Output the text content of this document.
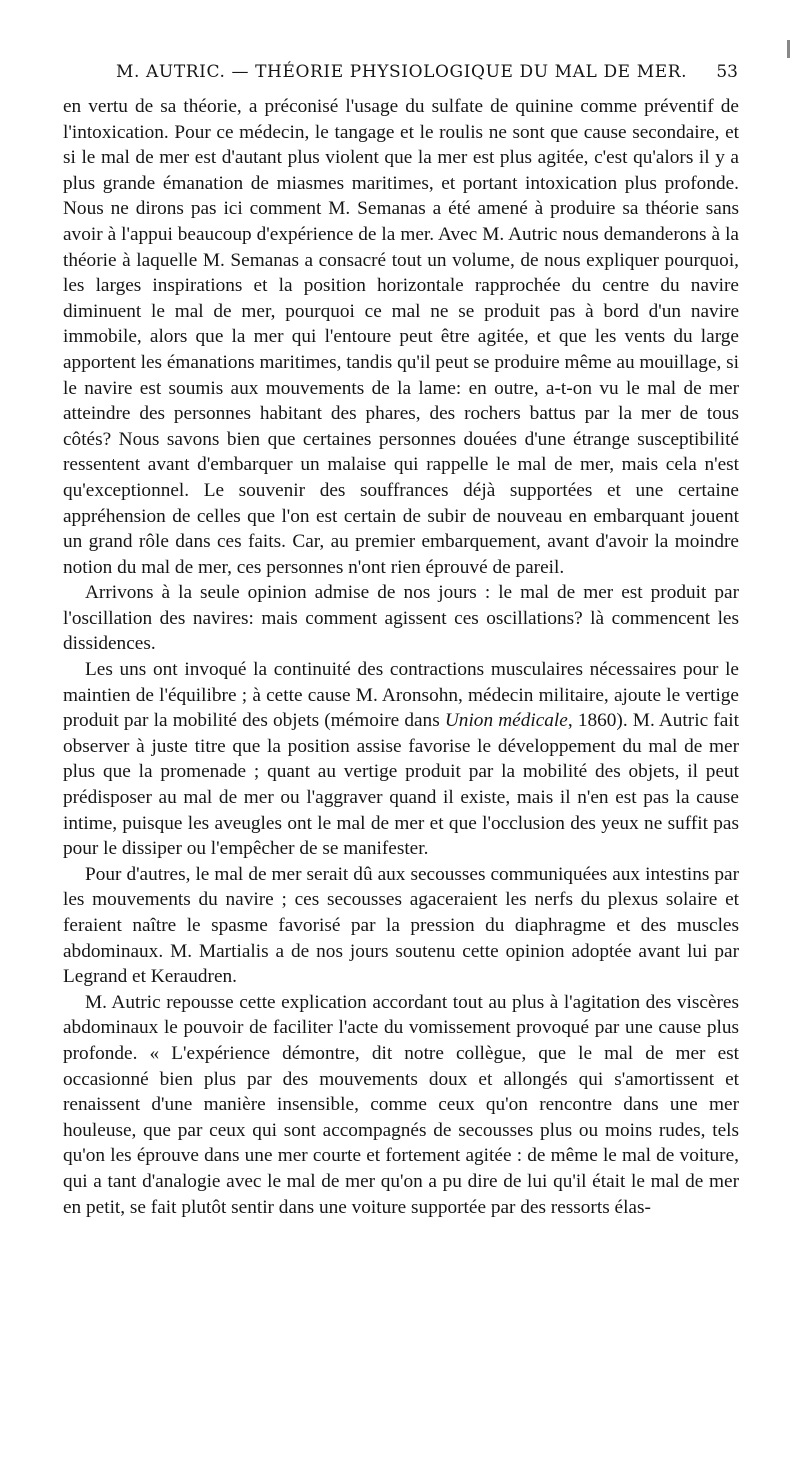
M. AUTRIC. — THÉORIE PHYSIOLOGIQUE DU MAL DE MER. 53

en vertu de sa théorie, a préconisé l'usage du sulfate de quinine comme préventif de l'intoxication. Pour ce médecin, le tangage et le roulis ne sont que cause secondaire, et si le mal de mer est d'autant plus violent que la mer est plus agitée, c'est qu'alors il y a plus grande émanation de miasmes maritimes, et portant intoxication plus profonde. Nous ne dirons pas ici comment M. Semanas a été amené à produire sa théorie sans avoir à l'appui beaucoup d'expérience de la mer. Avec M. Autric nous demanderons à la théorie à laquelle M. Semanas a consacré tout un volume, de nous expliquer pourquoi, les larges inspirations et la position horizontale rapprochée du centre du navire diminuent le mal de mer, pourquoi ce mal ne se produit pas à bord d'un navire immobile, alors que la mer qui l'entoure peut être agitée, et que les vents du large apportent les émanations maritimes, tandis qu'il peut se produire même au mouillage, si le navire est soumis aux mouvements de la lame: en outre, a-t-on vu le mal de mer atteindre des personnes habitant des phares, des rochers battus par la mer de tous côtés? Nous savons bien que certaines personnes douées d'une étrange susceptibilité ressentent avant d'embarquer un malaise qui rappelle le mal de mer, mais cela n'est qu'exceptionnel. Le souvenir des souffrances déjà supportées et une certaine appréhension de celles que l'on est certain de subir de nouveau en embarquant jouent un grand rôle dans ces faits. Car, au premier embarquement, avant d'avoir la moindre notion du mal de mer, ces personnes n'ont rien éprouvé de pareil.

Arrivons à la seule opinion admise de nos jours : le mal de mer est produit par l'oscillation des navires: mais comment agissent ces oscillations? là commencent les dissidences.

Les uns ont invoqué la continuité des contractions musculaires nécessaires pour le maintien de l'équilibre ; à cette cause M. Aronsohn, médecin militaire, ajoute le vertige produit par la mobilité des objets (mémoire dans Union médicale, 1860). M. Autric fait observer à juste titre que la position assise favorise le développement du mal de mer plus que la promenade ; quant au vertige produit par la mobilité des objets, il peut prédisposer au mal de mer ou l'aggraver quand il existe, mais il n'en est pas la cause intime, puisque les aveugles ont le mal de mer et que l'occlusion des yeux ne suffit pas pour le dissiper ou l'empêcher de se manifester.

Pour d'autres, le mal de mer serait dû aux secousses communiquées aux intestins par les mouvements du navire ; ces secousses agaceraient les nerfs du plexus solaire et feraient naître le spasme favorisé par la pression du diaphragme et des muscles abdominaux. M. Martialis a de nos jours soutenu cette opinion adoptée avant lui par Legrand et Keraudren.

M. Autric repousse cette explication accordant tout au plus à l'agitation des viscères abdominaux le pouvoir de faciliter l'acte du vomissement provoqué par une cause plus profonde. « L'expérience démontre, dit notre collègue, que le mal de mer est occasionné bien plus par des mouvements doux et allongés qui s'amortissent et renaissent d'une manière insensible, comme ceux qu'on rencontre dans une mer houleuse, que par ceux qui sont accompagnés de secousses plus ou moins rudes, tels qu'on les éprouve dans une mer courte et fortement agitée : de même le mal de voiture, qui a tant d'analogie avec le mal de mer qu'on a pu dire de lui qu'il était le mal de mer en petit, se fait plutôt sentir dans une voiture supportée par des ressorts élas-
